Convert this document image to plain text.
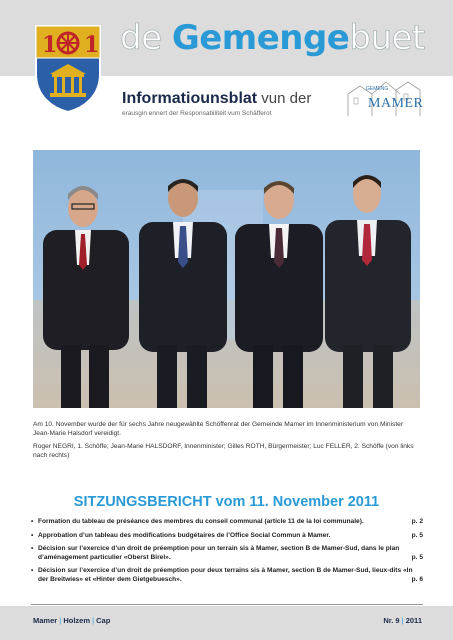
1 1 de Gemengebuet
Informatiounsblat vun der
erausgin ennert der Responsabilitéit vum Schäfferot
GEMENG
MAMER

Am 10. November wurde der für sechs Jahre neugewählte Schöffenrat der Gemeinde Mamer im Innenministerium von Minister Jean-Marie Halsdorf vereidigt.

Roger NEGRI, 1. Schöffe; Jean-Marie HALSDORF, Innenminister; Gilles ROTH, Bürgermeister; Luc FELLER, 2. Schöffe (von links nach rechts)

SITZUNGSBERICHT vom 11. November 2011
• Formation du tableau de préséance des membres du conseil communal (article 11 de la loi communale).	p. 2
• Approbation d’un tableau des modifications budgétaires de l’Office Social Commun à Mamer.	p. 5
• Décision sur l’exercice d’un droit de préemption pour un terrain sis à Mamer, section B de Mamer-Sud, dans le plan d’aménagement particulier «Oberst Birel».	p. 5
• Décision sur l’exercice d’un droit de préemption pour deux terrains sis à Mamer, section B de Mamer-Sud, lieux-dits «In der Breitwies» et «Hinter dem Gietgebuesch».	p. 6
Mamer | Holzem | Cap	Nr. 9 | 2011
